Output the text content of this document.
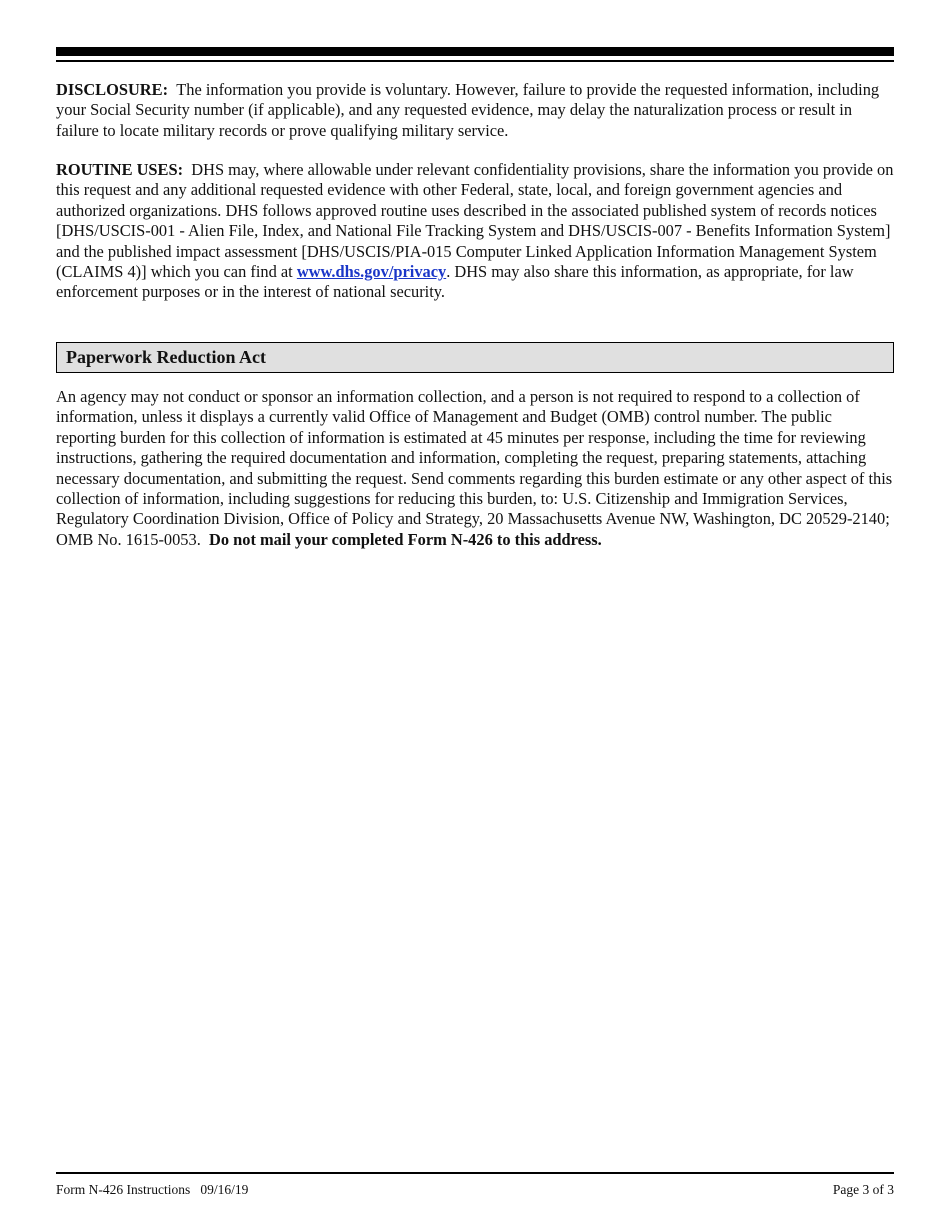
DISCLOSURE: The information you provide is voluntary. However, failure to provide the requested information, including your Social Security number (if applicable), and any requested evidence, may delay the naturalization process or result in failure to locate military records or prove qualifying military service.

ROUTINE USES: DHS may, where allowable under relevant confidentiality provisions, share the information you provide on this request and any additional requested evidence with other Federal, state, local, and foreign government agencies and authorized organizations. DHS follows approved routine uses described in the associated published system of records notices [DHS/USCIS-001 - Alien File, Index, and National File Tracking System and DHS/USCIS-007 - Benefits Information System] and the published impact assessment [DHS/USCIS/PIA-015 Computer Linked Application Information Management System (CLAIMS 4)] which you can find at www.dhs.gov/privacy. DHS may also share this information, as appropriate, for law enforcement purposes or in the interest of national security.

Paperwork Reduction Act

An agency may not conduct or sponsor an information collection, and a person is not required to respond to a collection of information, unless it displays a currently valid Office of Management and Budget (OMB) control number. The public reporting burden for this collection of information is estimated at 45 minutes per response, including the time for reviewing instructions, gathering the required documentation and information, completing the request, preparing statements, attaching necessary documentation, and submitting the request. Send comments regarding this burden estimate or any other aspect of this collection of information, including suggestions for reducing this burden, to: U.S. Citizenship and Immigration Services, Regulatory Coordination Division, Office of Policy and Strategy, 20 Massachusetts Avenue NW, Washington, DC 20529-2140; OMB No. 1615-0053. Do not mail your completed Form N-426 to this address.

Form N-426 Instructions   09/16/19	Page 3 of 3
